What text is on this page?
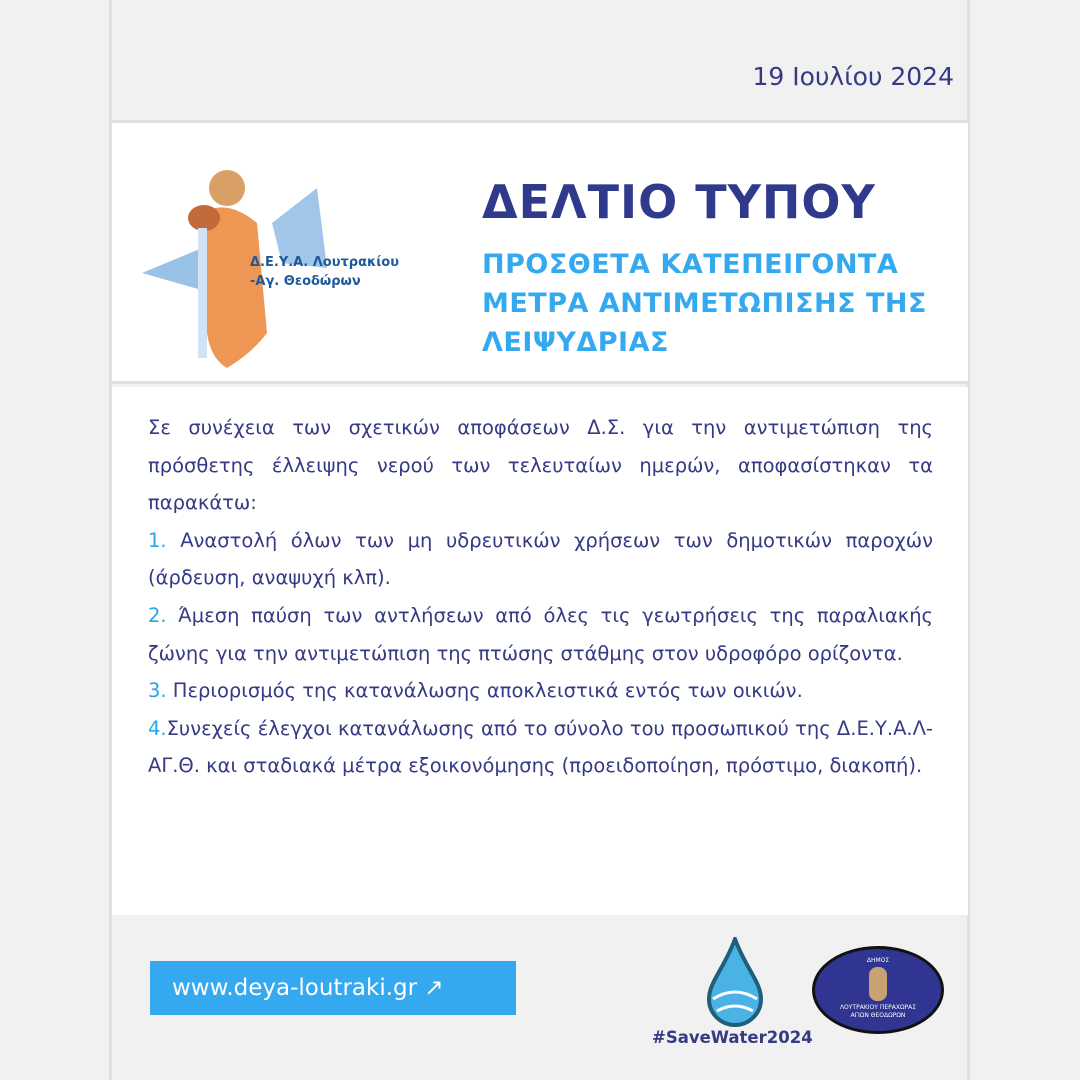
19 Ιουλίου 2024
Δ.Ε.Υ.Α. Λουτρακίου
-Αγ. Θεοδώρων
ΔΕΛΤΙΟ ΤΥΠΟΥ
ΠΡΟΣΘΕΤΑ ΚΑΤΕΠΕΙΓΟΝΤΑ ΜΕΤΡΑ ΑΝΤΙΜΕΤΩΠΙΣΗΣ ΤΗΣ ΛΕΙΨΥΔΡΙΑΣ

Σε συνέχεια των σχετικών αποφάσεων Δ.Σ. για την αντιμετώπιση της πρόσθετης έλλειψης νερού των τελευταίων ημερών, αποφασίστηκαν τα παρακάτω:

1. Αναστολή όλων των μη υδρευτικών χρήσεων των δημοτικών παροχών (άρδευση, αναψυχή κλπ).

2. Άμεση παύση των αντλήσεων από όλες τις γεωτρήσεις της παραλιακής ζώνης για την αντιμετώπιση της πτώσης στάθμης στον υδροφόρο ορίζοντα.

3. Περιορισμός της κατανάλωσης αποκλειστικά εντός των οικιών.

4.Συνεχείς έλεγχοι κατανάλωσης από το σύνολο του προσωπικού της Δ.Ε.Υ.Α.Λ-ΑΓ.Θ. και σταδιακά μέτρα εξοικονόμησης (προειδοποίηση, πρόστιμο, διακοπή).

www.deya-loutraki.gr ↗
#SaveWater2024
ΔΗΜΟΣ
ΛΟΥΤΡΑΚΙΟΥ ΠΕΡΑΧΩΡΑΣ ΑΓΙΩΝ ΘΕΟΔΩΡΩΝ
